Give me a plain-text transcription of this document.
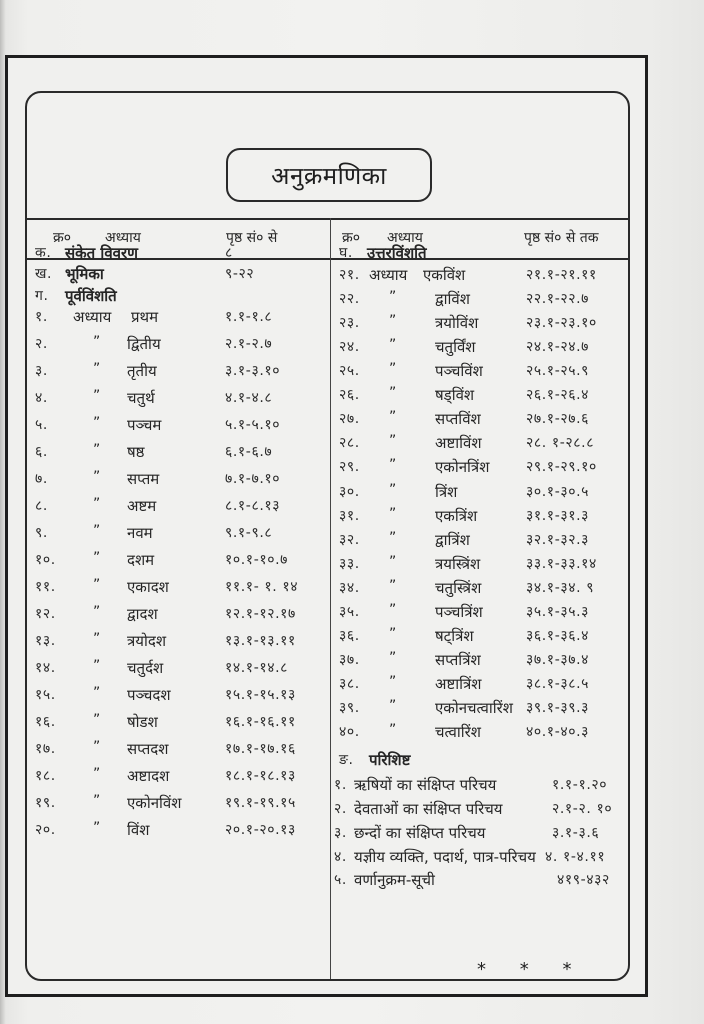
अनुक्रमणिका
क्र० अध्याय	पृष्ठ सं० से	क्र० अध्याय	पृष्ठ सं० से तक
क. संकेत विवरण	८
ख. भूमिका	९-२२
ग. पूर्वविंशति
१. अध्याय प्रथम	१.१-१.८
२.	” द्वितीय	२.१-२.७
३.	” तृतीय	३.१-३.१०
४.	” चतुर्थ	४.१-४.८
५.	” पञ्चम	५.१-५.१०
६.	” षष्ठ	६.१-६.७
७.	” सप्तम	७.१-७.१०
८.	” अष्टम	८.१-८.१३
९.	” नवम	९.१-९.८
१०.	” दशम	१०.१-१०.७
११.	” एकादश	११.१- १. १४
१२.	” द्वादश	१२.१-१२.१७
१३.	” त्रयोदश	१३.१-१३.११
१४.	” चतुर्दश	१४.१-१४.८
१५.	” पञ्चदश	१५.१-१५.१३
१६.	” षोडश	१६.१-१६.११
१७.	” सप्तदश	१७.१-१७.१६
१८.	” अष्टादश	१८.१-१८.१३
१९.	” एकोनविंश	१९.१-१९.१५
२०.	” विंश	२०.१-२०.१३
घ. उत्तरविंशति
२१. अध्याय एकविंश	२१.१-२१.११
२२. ”	द्वाविंश	२२.१-२२.७
२३. ”	त्रयोविंश	२३.१-२३.१०
२४. ”	चतुर्विंश	२४.१-२४.७
२५. ”	पञ्चविंश	२५.१-२५.९
२६. ”	षड्विंश	२६.१-२६.४
२७. ”	सप्तविंश	२७.१-२७.६
२८. ”	अष्टाविंश	२८. १-२८.८
२९. ”	एकोनत्रिंश	२९.१-२९.१०
३०. ”	त्रिंश	३०.१-३०.५
३१. ”	एकत्रिंश	३१.१-३१.३
३२. ”	द्वात्रिंश	३२.१-३२.३
३३. ”	त्रयस्त्रिंश	३३.१-३३.१४
३४. ”	चतुस्त्रिंश	३४.१-३४. ९
३५. ”	पञ्चत्रिंश	३५.१-३५.३
३६. ”	षट्त्रिंश	३६.१-३६.४
३७. ”	सप्तत्रिंश	३७.१-३७.४
३८. ”	अष्टात्रिंश	३८.१-३८.५
३९. ”	एकोनचत्वारिंश ३९.१-३९.३
४०. ”	चत्वारिंश	४०.१-४०.३
ङ. परिशिष्ट
१. ऋषियों का संक्षिप्त परिचय	१.१-१.२०
२. देवताओं का संक्षिप्त परिचय	२.१-२. १०
३. छन्दों का संक्षिप्त परिचय	३.१-३.६
४. यज्ञीय व्यक्ति, पदार्थ, पात्र-परिचय ४. १-४.११
५. वर्णानुक्रम-सूची	४१९-४३२
* * *
